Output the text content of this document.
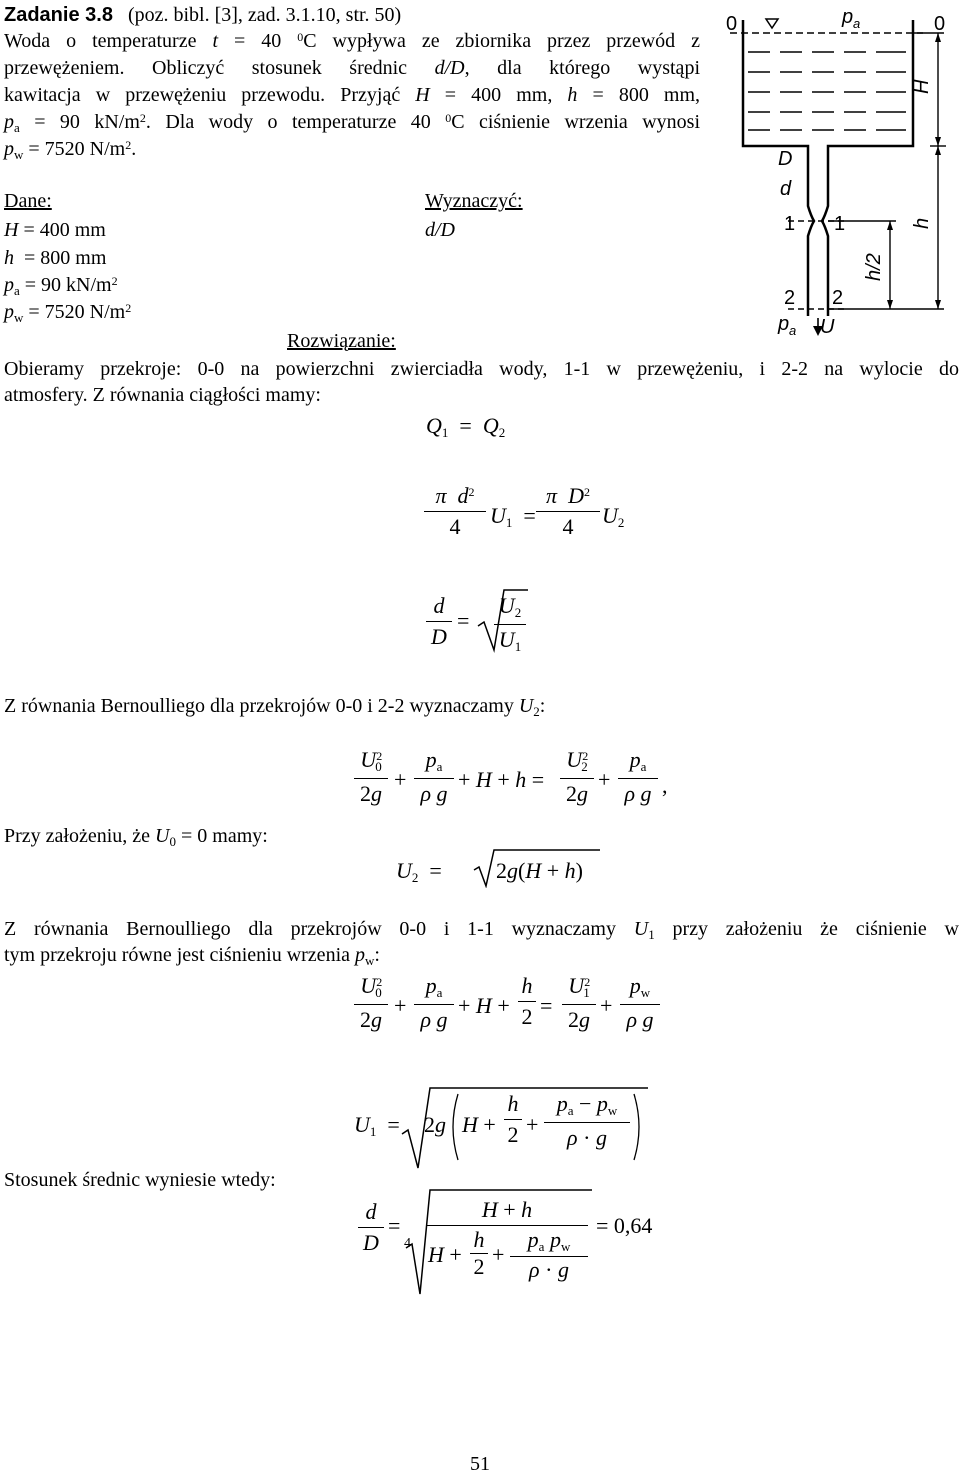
Zadanie 3.8 (poz. bibl. [3], zad. 3.1.10, str. 50)
Woda o temperaturze t = 40 $^0$C wypływa ze zbiornika przez przewód z
przewężeniem. Obliczyć stosunek średnic d/D, dla którego wystąpi
kawitacja w przewężeniu przewodu. Przyjąć H = 400 mm, h = 800 mm,
$p_a = 90$ $kN/m^2$. Dla wody o temperaturze 40 $^0$C ciśnienie wrzenia wynosi
$p_w = 7520$ $N/m^2$.
Dane:
H = 400 mm
h = 800 mm
$p_a = 90$ $kN/m^2$
$p_w = 7520$ $N/m^2$
Wyznaczyć:
d/D
0	0
p a
H
D
d
1 1	h
h/2
2 2
p a U
Rozwiązanie:
Obieramy przekroje: 0-0 na powierzchni zwierciadła wody, 1-1 w przewężeniu, i 2-2 na wylocie do
atmosfery. Z równania ciągłości mamy:
$Q_1 = Q_2$
π $d^2$
4	$U_1$  =
π $D^2$
4	$U_2$
d
D
=
$U_2$
$U_1$
Z równania Bernoulliego dla przekrojów 0-0 i 2-2 wyznaczamy $U_2$:
$U^2_0$
2g
+
$p_a$
ρ g
+ H + h =
$U^2_2$
2g
+
$p_a$
ρ g ,
Przy założeniu, że $U_0 = 0$ mamy:
$U_2 = 2g(H + h)$
Z równania Bernoulliego dla przekrojów 0-0 i 1-1 wyznaczamy $U_1$ przy założeniu że ciśnienie w
tym przekroju równe jest ciśnieniu wrzenia $p_w$:
$U^2_0$
2g
+
$p_a$
ρ g
+ H +
h
2 =
$U^2_1$
2g
+
$p_w$
ρ g
$U_1 = 2g$ H +
h
2 +
$p_a - p_w$
ρ · g
Stosunek średnic wyniesie wtedy:
d
D
=
4
H + h
H +
h

2 +
$p_a$ $p_w$

ρ · g
= 0,64
51
